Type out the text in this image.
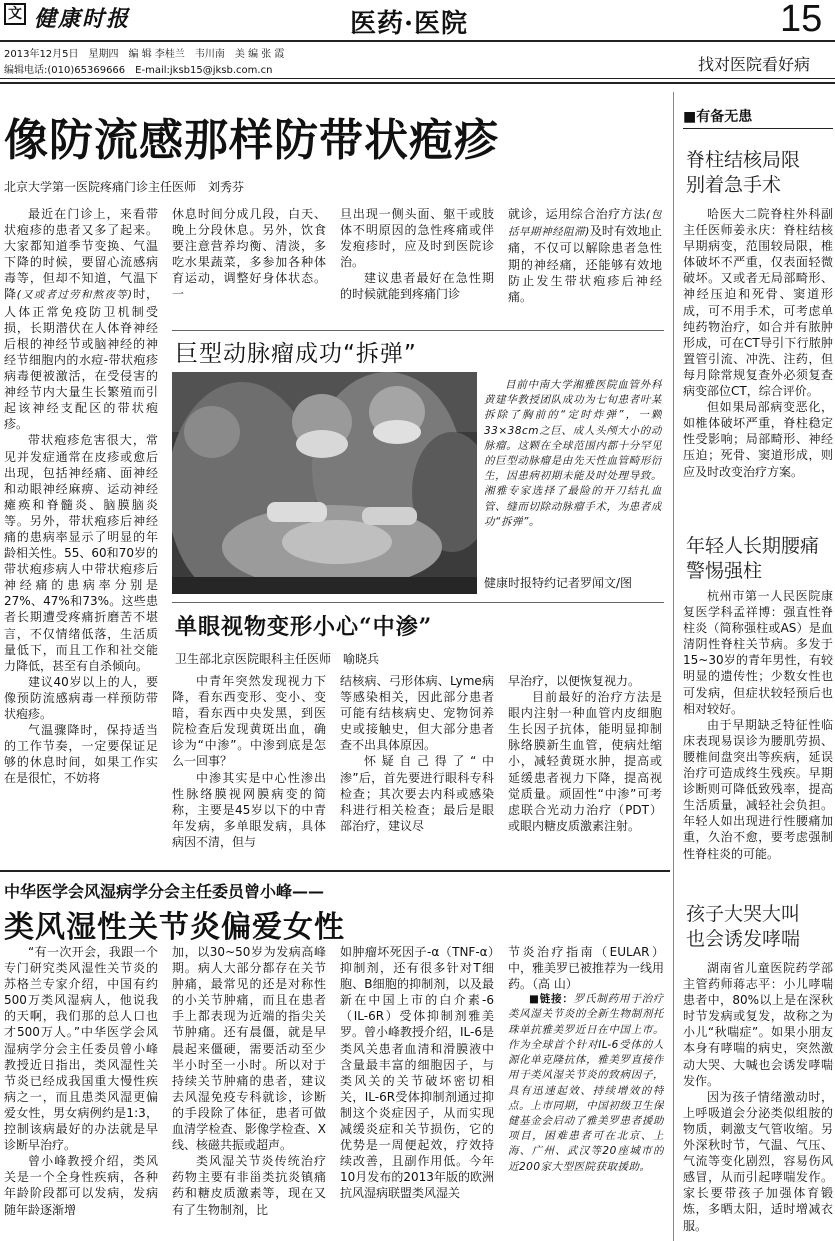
文 健康时报	医药·医院	15
2013年12月5日　星期四　编 辑 李桂兰　韦川南　美 编 张 霞
编辑电话:(010)65369666　E-mail:jksb15@jksb.com.cn	找对医院看好病
像防流感那样防带状疱疹
北京大学第一医院疼痛门诊主任医师　刘秀芬

最近在门诊上，来看带状疱疹的患者又多了起来。大家都知道季节变换、气温下降的时候，要留心流感病毒等，但却不知道，气温下降(又或者过劳和熬夜等)时，人体正常免疫防卫机制受损，长期潜伏在人体脊神经后根的神经节或脑神经的神经节细胞内的水痘-带状疱疹病毒便被激活，在受侵害的神经节内大量生长繁殖而引起该神经支配区的带状疱疹。

带状疱疹危害很大，常见并发症通常在皮疹或愈后出现，包括神经痛、面神经和动眼神经麻痹、运动神经瘫痪和脊髓炎、脑膜脑炎等。另外，带状疱疹后神经痛的患病率显示了明显的年龄相关性。55、60和70岁的带状疱疹病人中带状疱疹后神经痛的患病率分别是27%、47%和73%。这些患者长期遭受疼痛折磨苦不堪言，不仅情绪低落，生活质量低下，而且工作和社交能力降低，甚至有自杀倾向。

建议40岁以上的人，要像预防流感病毒一样预防带状疱疹。

气温骤降时，保持适当的工作节奏，一定要保证足够的休息时间，如果工作实在是很忙，不妨将

休息时间分成几段，白天、晚上分段休息。另外，饮食要注意营养均衡、清淡，多吃水果蔬菜，多参加各种体育运动，调整好身体状态。一

旦出现一侧头面、躯干或肢体不明原因的急性疼痛或伴发疱疹时，应及时到医院诊治。

建议患者最好在急性期的时候就能到疼痛门诊

就诊，运用综合治疗方法(包括早期神经阻滞)及时有效地止痛，不仅可以解除患者急性期的神经痛，还能够有效地防止发生带状疱疹后神经痛。

巨型动脉瘤成功“拆弹”
目前中南大学湘雅医院血管外科黄建华教授团队成功为七旬患者叶某拆除了胸前的“定时炸弹”，一颗33×38cm之巨、成人头颅大小的动脉瘤。这颗在全球范围内都十分罕见的巨型动脉瘤是由先天性血管畸形衍生，因患病初期未能及时处理导致。湘雅专家选择了最险的开刀结扎血管、缝而切除动脉瘤手术，为患者成功“拆弹”。
健康时报特约记者罗闻文/图
单眼视物变形小心“中渗”
卫生部北京医院眼科主任医师　喻晓兵

中青年突然发现视力下降，看东西变形、变小、变暗，看东西中央发黑，到医院检查后发现黄斑出血，确诊为“中渗”。中渗到底是怎么一回事？

中渗其实是中心性渗出性脉络膜视网膜病变的简称，主要是45岁以下的中青年发病，多单眼发病，具体病因不清，但与

结核病、弓形体病、Lyme病等感染相关，因此部分患者可能有结核病史、宠物饲养史或接触史，但大部分患者查不出具体原因。

怀疑自己得了“中渗”后，首先要进行眼科专科检查；其次要去内科或感染科进行相关检查；最后是眼部治疗，建议尽

早治疗，以便恢复视力。

目前最好的治疗方法是眼内注射一种血管内皮细胞生长因子抗体，能明显抑制脉络膜新生血管，使病灶缩小，减轻黄斑水肿，提高或延缓患者视力下降，提高视觉质量。顽固性“中渗”可考虑联合光动力治疗（PDT）或眼内糖皮质激素注射。

中华医学会风湿病学分会主任委员曾小峰——
类风湿性关节炎偏爱女性

“有一次开会，我跟一个专门研究类风湿性关节炎的苏格兰专家介绍，中国有约500万类风湿病人，他说我的天啊，我们那的总人口也才500万人。”中华医学会风湿病学分会主任委员曾小峰教授近日指出，类风湿性关节炎已经成我国重大慢性疾病之一，而且患类风湿更偏爱女性，男女病例约是1:3，控制该病最好的办法就是早诊断早治疗。

曾小峰教授介绍，类风关是一个全身性疾病，各种年龄阶段都可以发病，发病随年龄逐渐增

加，以30~50岁为发病高峰期。病人大部分都存在关节肿痛，最常见的还是对称性的小关节肿痛，而且在患者手上都表现为近端的指尖关节肿痛。还有晨僵，就是早晨起来僵硬，需要活动至少半小时至一小时。所以对于持续关节肿痛的患者，建议去风湿免疫专科就诊，诊断的手段除了体征，患者可做血清学检查、影像学检查、X线、核磁共振或超声。

类风湿关节炎传统治疗药物主要有非甾类抗炎镇痛药和糖皮质激素等，现在又有了生物制剂，比

如肿瘤坏死因子-α（TNF-α）抑制剂，还有很多针对T细胞、B细胞的抑制剂，以及最新在中国上市的白介素-6（IL-6R）受体抑制剂雅美罗。曾小峰教授介绍，IL-6是类风关患者血清和滑膜液中含量最丰富的细胞因子，与类风关的关节破坏密切相关，IL-6R受体抑制剂通过抑制这个炎症因子，从而实现减缓炎症和关节损伤，它的优势是一周便起效，疗效持续改善，且副作用低。今年10月发布的2013年版的欧洲抗风湿病联盟类风湿关

节炎治疗指南（EULAR）中，雅美罗已被推荐为一线用药。（高 山）

■链接：罗氏制药用于治疗类风湿关节炎的全新生物制剂托珠单抗雅美罗近日在中国上市。作为全球首个针对IL-6受体的人源化单克隆抗体，雅美罗直接作用于类风湿关节炎的致病因子，具有迅速起效、持续增效的特点。上市同期，中国初级卫生保健基金会启动了雅美罗患者援助项目，困难患者可在北京、上海、广州、武汉等20座城市的近200家大型医院获取援助。

■有备无患
脊柱结核局限
别着急手术

哈医大二院脊柱外科副主任医师姜永庆：脊柱结核早期病变，范围较局限，椎体破坏不严重，仅表面轻微破坏。又或者无局部畸形、神经压迫和死骨、窦道形成，可不用手术，可考虑单纯药物治疗，如合并有脓肿形成，可在CT导引下行脓肿置管引流、冲洗、注药，但每月除常规复查外必须复查病变部位CT，综合评价。

但如果局部病变恶化，如椎体破坏严重，脊柱稳定性受影响；局部畸形、神经压迫；死骨、窦道形成，则应及时改变治疗方案。

年轻人长期腰痛
警惕强柱

杭州市第一人民医院康复医学科孟祥博：强直性脊柱炎（简称强柱或AS）是血清阴性脊柱关节病。多发于15~30岁的青年男性，有较明显的遗传性；少数女性也可发病，但症状较轻预后也相对较好。

由于早期缺乏特征性临床表现易误诊为腰肌劳损、腰椎间盘突出等疾病，延误治疗可造成终生残疾。早期诊断则可降低致残率，提高生活质量，减轻社会负担。年轻人如出现进行性腰痛加重，久治不愈，要考虑强制性脊柱炎的可能。

孩子大哭大叫
也会诱发哮喘

湖南省儿童医院药学部主管药师蒋志平：小儿哮喘患者中，80%以上是在深秋时节发病或复发，故称之为小儿“秋喘症”。如果小朋友本身有哮喘的病史，突然激动大哭、大喊也会诱发哮喘发作。

因为孩子情绪激动时，上呼吸道会分泌类似组胺的物质，刺激支气管收缩。另外深秋时节，气温、气压、气流等变化剧烈，容易伤风感冒，从而引起哮喘发作。家长要带孩子加强体育锻炼，多晒太阳，适时增减衣服。
